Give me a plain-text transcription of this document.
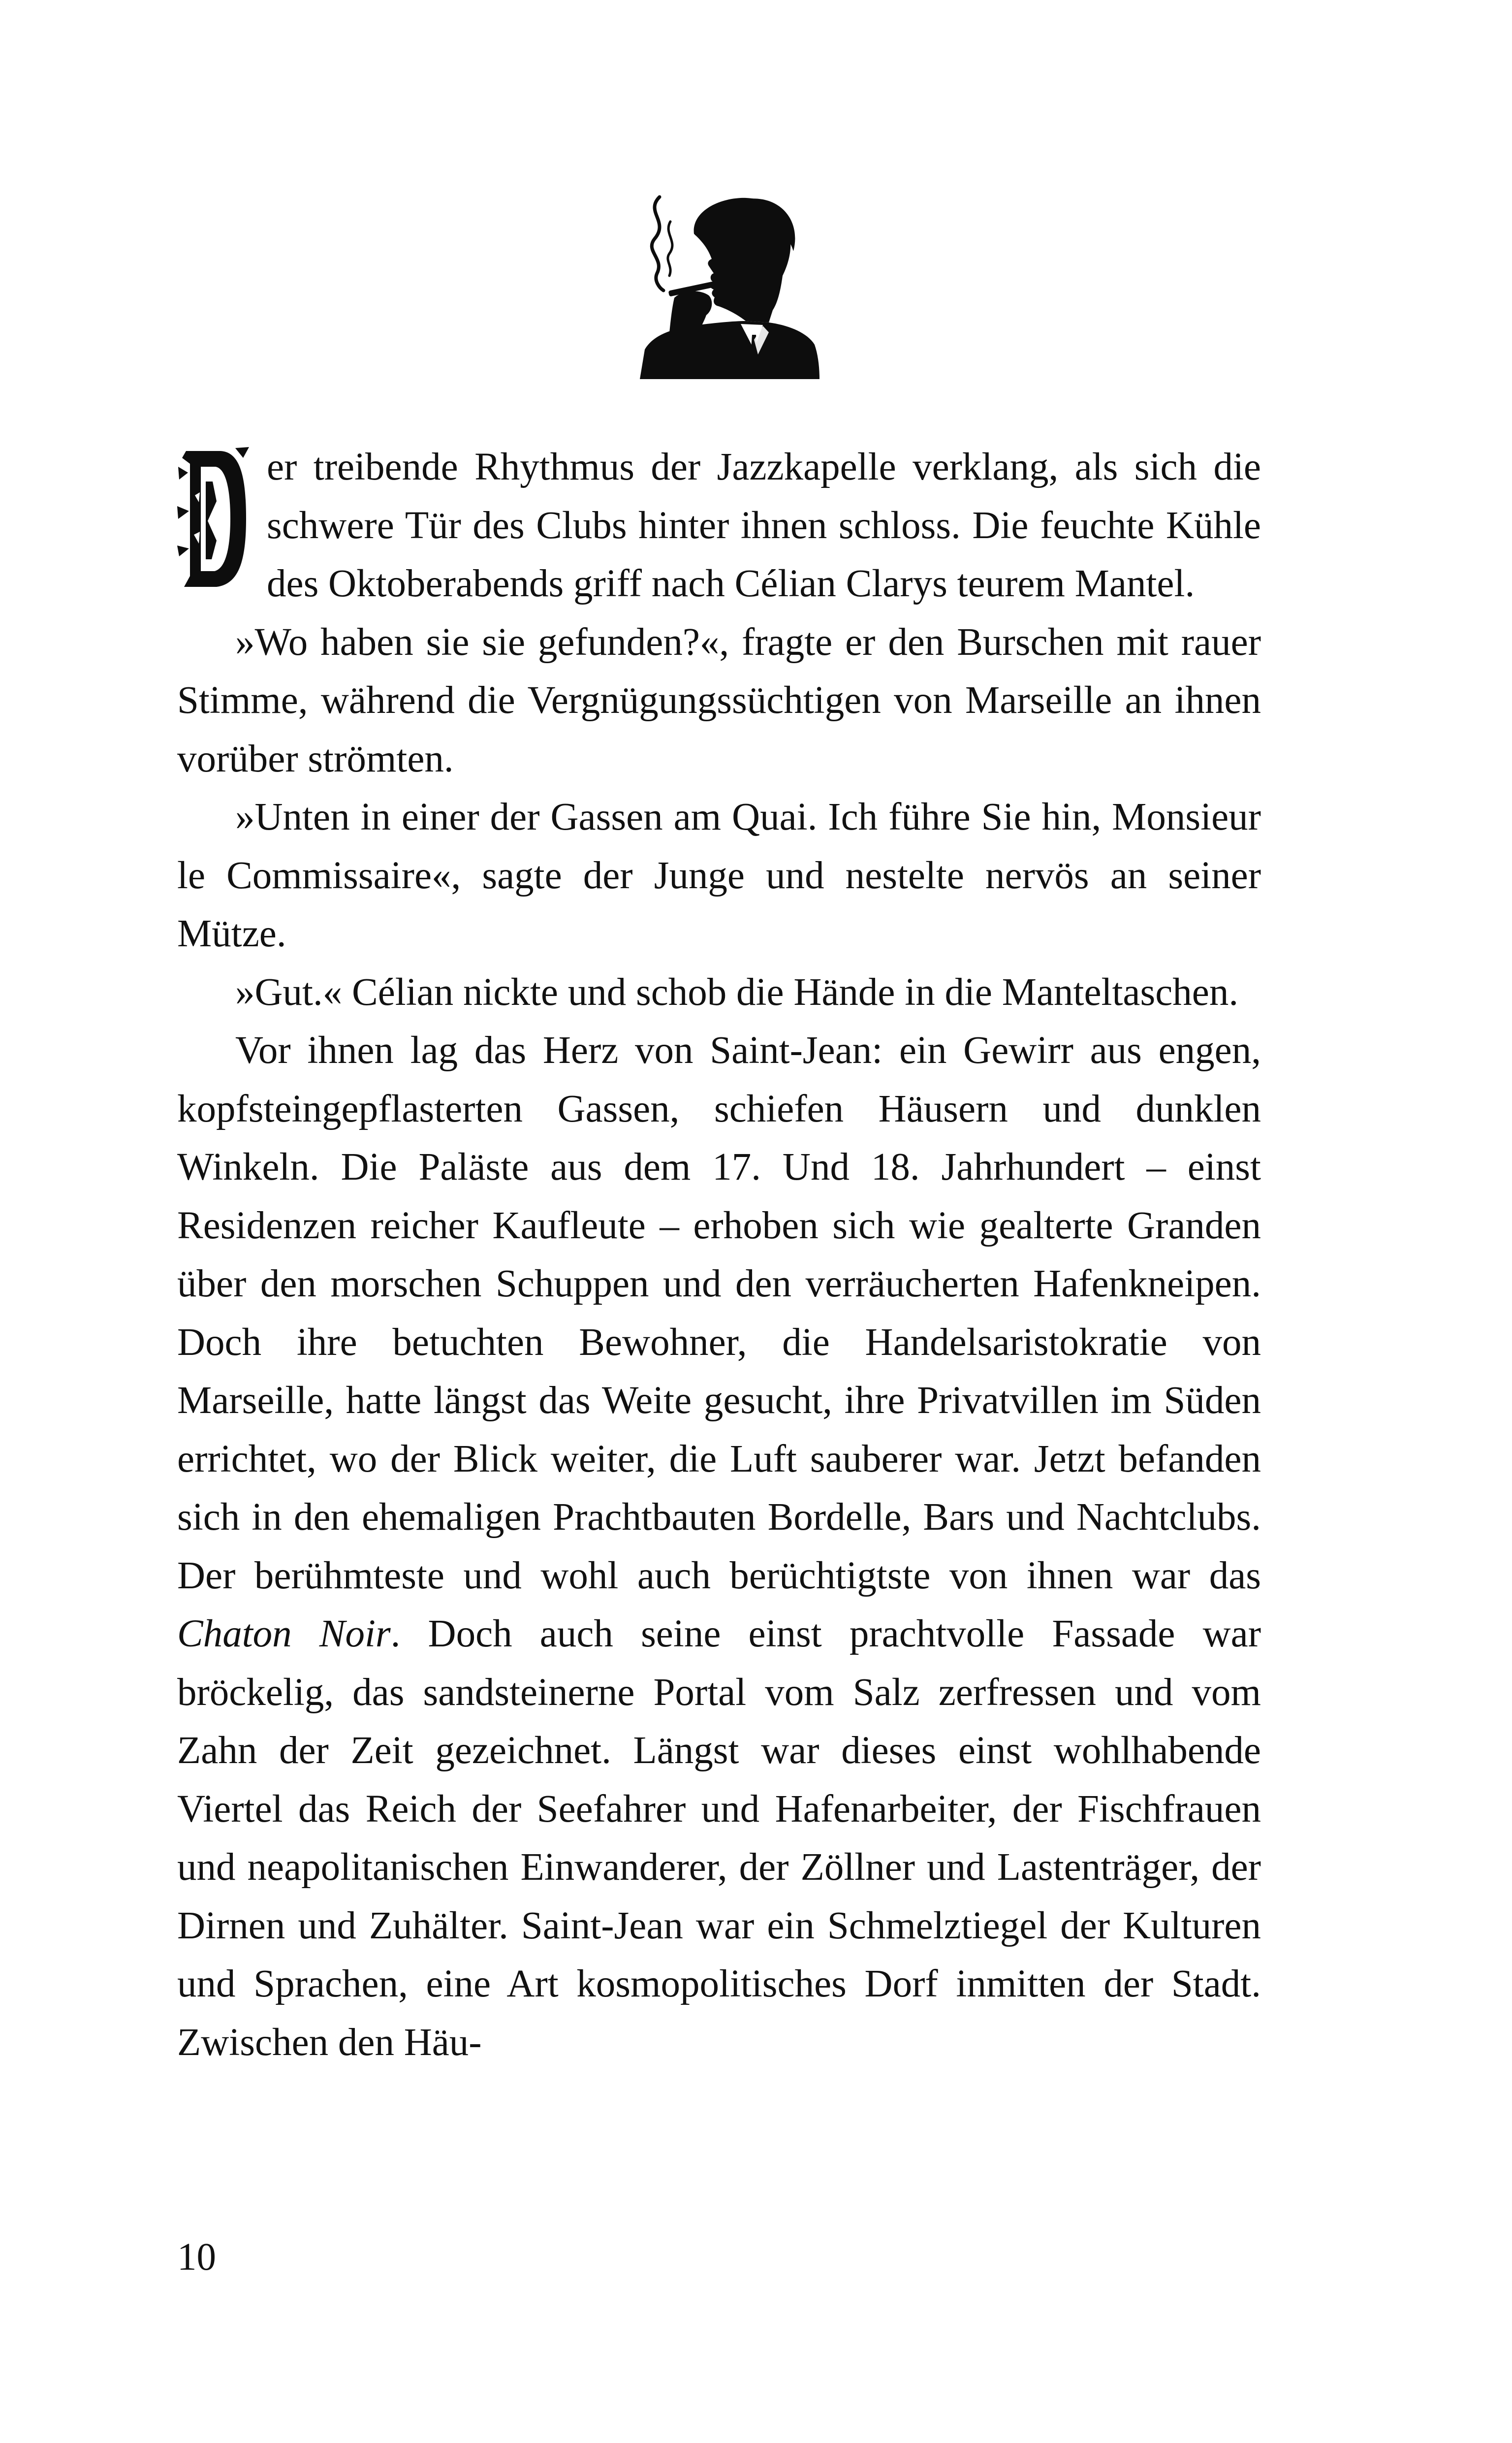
er treibende Rhythmus der Jazzkapelle verklang, als sich die schwere Tür des Clubs hinter ihnen schloss. Die feuchte Kühle des Oktoberabends griff nach Célian Clarys teurem Mantel.

»Wo haben sie sie gefunden?«, fragte er den Burschen mit rauer Stimme, während die Vergnügungssüchtigen von Marseille an ihnen vorüber strömten.

»Unten in einer der Gassen am Quai. Ich führe Sie hin, Monsieur le Commissaire«, sagte der Junge und nestelte nervös an seiner Mütze.

»Gut.« Célian nickte und schob die Hände in die Manteltaschen.

Vor ihnen lag das Herz von Saint-Jean: ein Gewirr aus engen, kopfsteingepflasterten Gassen, schiefen Häusern und dunklen Winkeln. Die Paläste aus dem 17. Und 18. Jahrhundert – einst Residenzen reicher Kaufleute – erhoben sich wie gealterte Granden über den morschen Schuppen und den verräucherten Hafenkneipen. Doch ihre betuchten Bewohner, die Handelsaristokratie von Marseille, hatte längst das Weite gesucht, ihre Privatvillen im Süden errichtet, wo der Blick weiter, die Luft sauberer war. Jetzt befanden sich in den ehemaligen Prachtbauten Bordelle, Bars und Nachtclubs. Der berühmteste und wohl auch berüchtigtste von ihnen war das Chaton Noir. Doch auch seine einst prachtvolle Fassade war bröckelig, das sandsteinerne Portal vom Salz zerfressen und vom Zahn der Zeit gezeichnet. Längst war dieses einst wohlhabende Viertel das Reich der Seefahrer und Hafenarbeiter, der Fischfrauen und neapolitanischen Einwanderer, der Zöllner und Lastenträger, der Dirnen und Zuhälter. Saint-Jean war ein Schmelztiegel der Kulturen und Sprachen, eine Art kosmopolitisches Dorf inmitten der Stadt. Zwischen den Häu-

10
